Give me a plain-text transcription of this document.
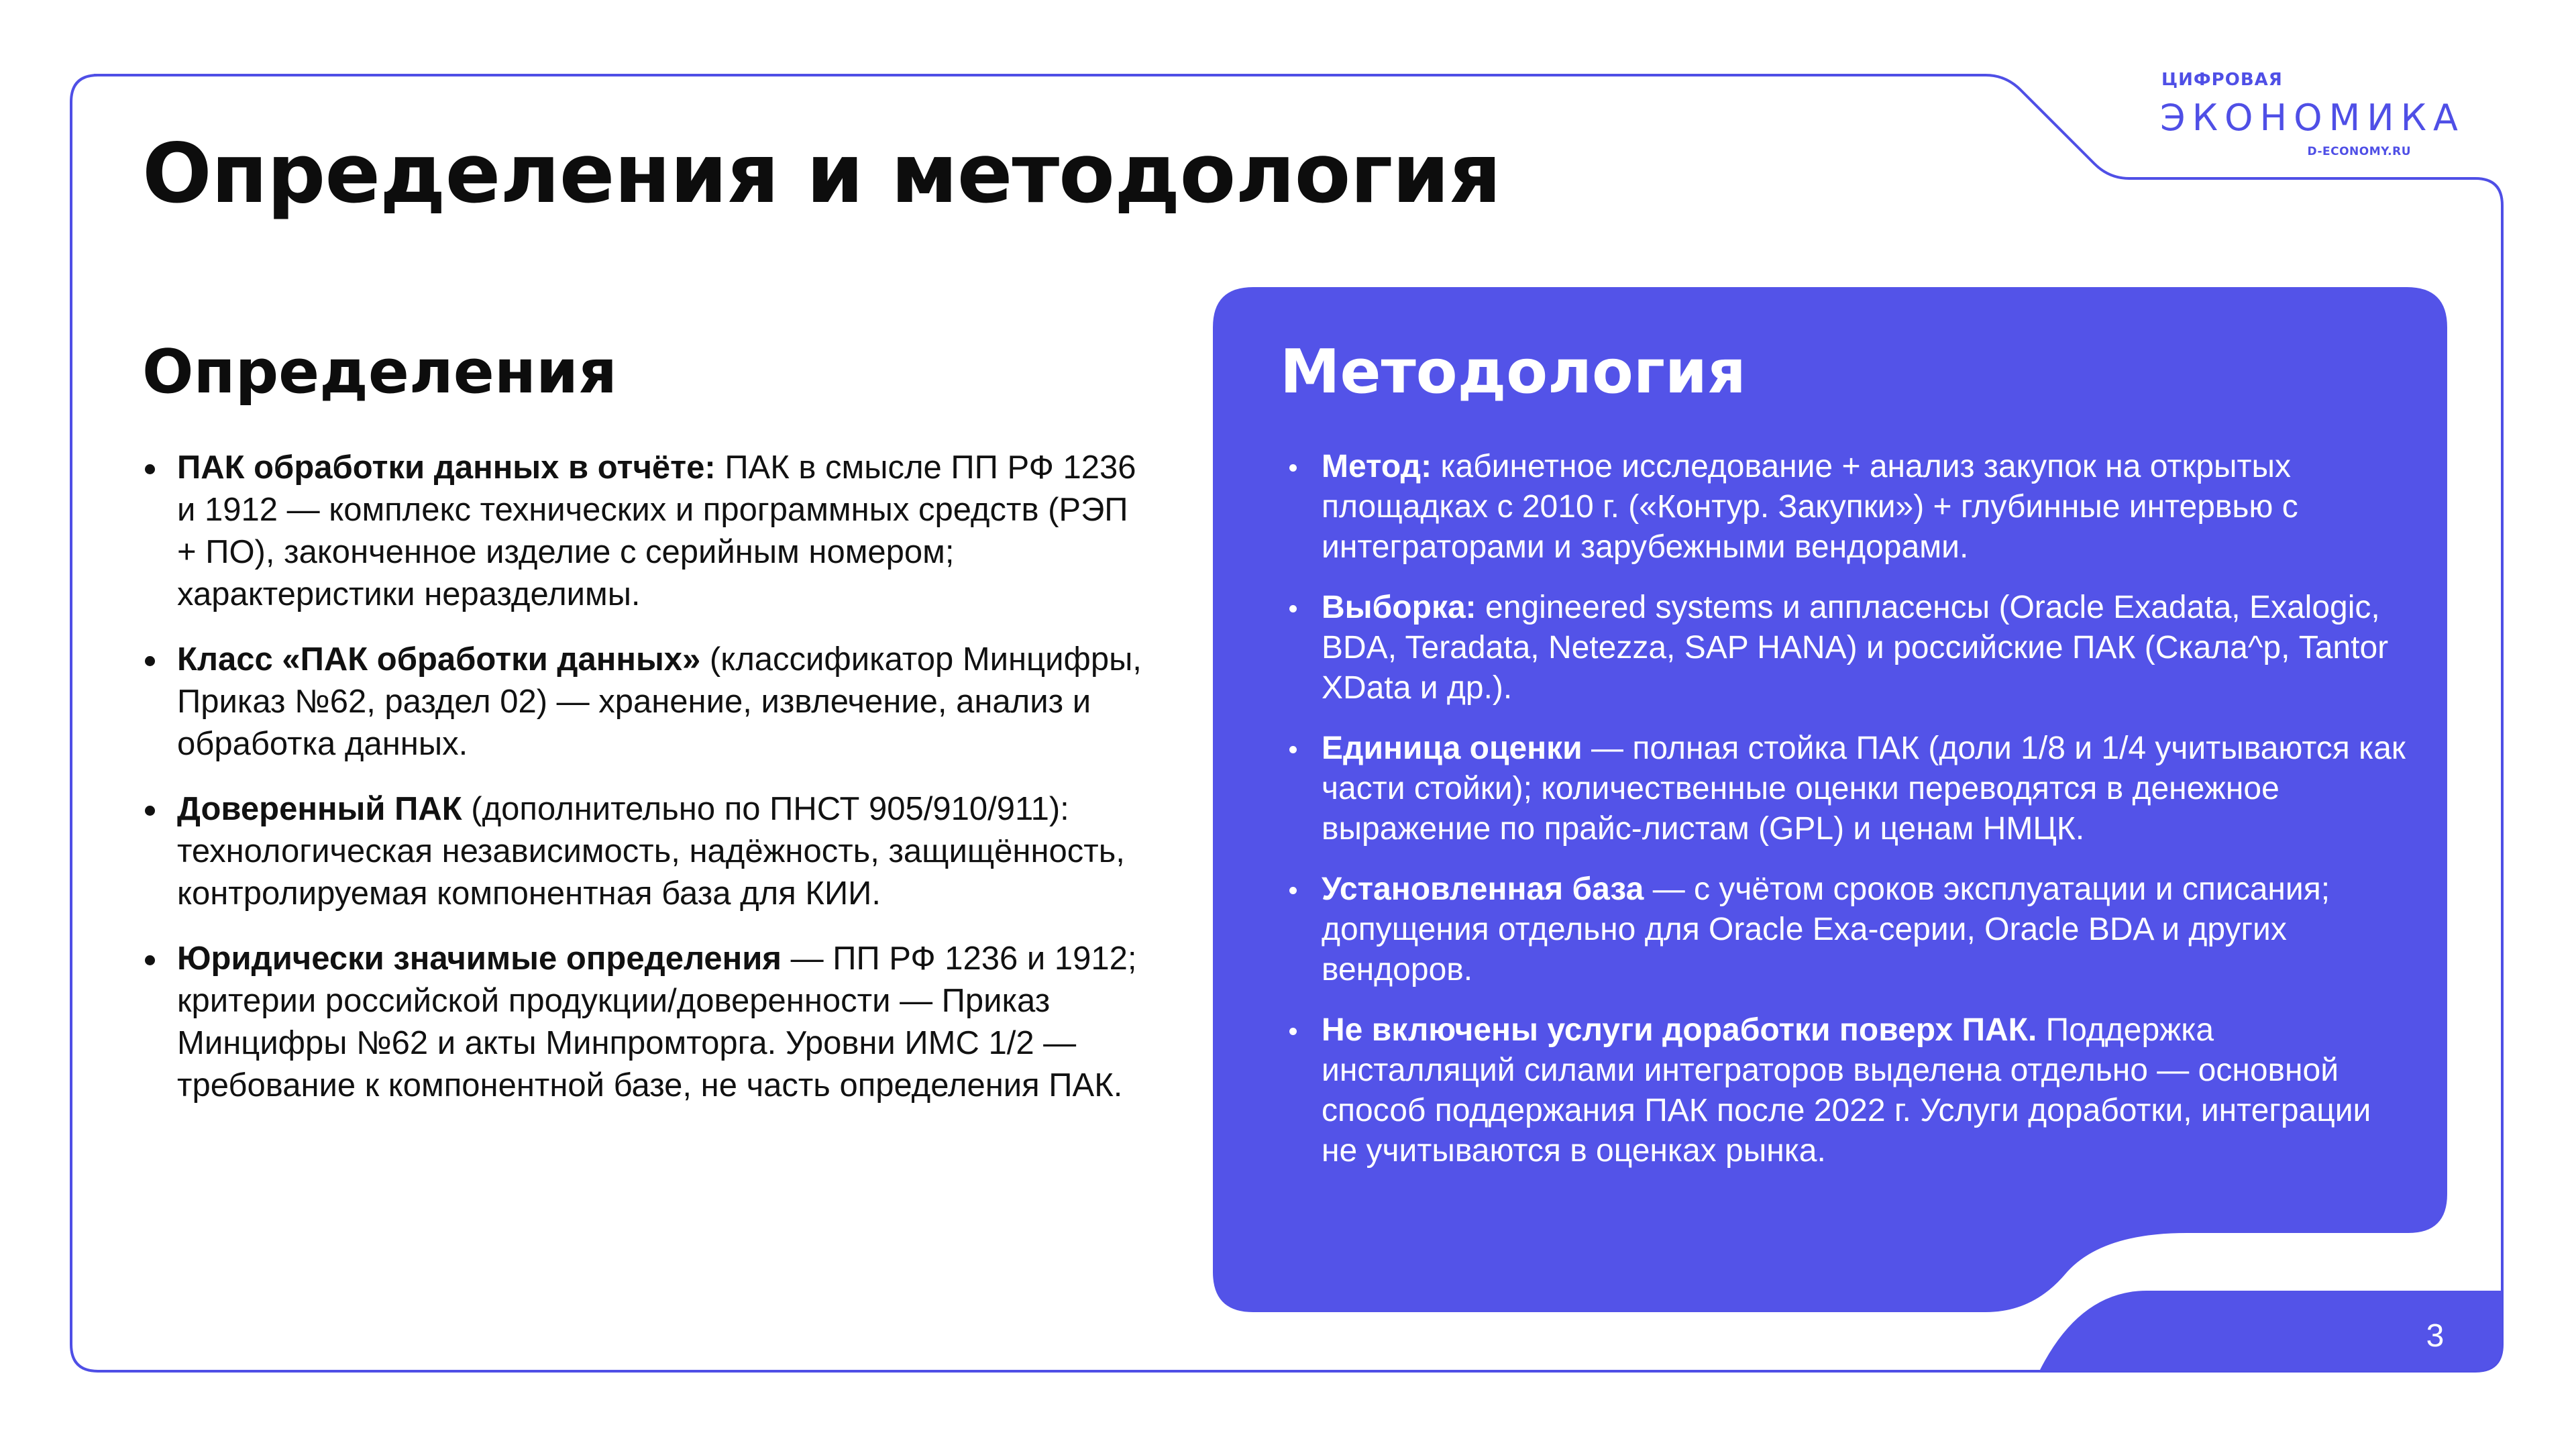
ЦИФРОВАЯ
ЭКОНОМИКА
D-ECONOMY.RU
Определения и методология
Определения
ПАК обработки данных в отчёте: ПАК в смысле ПП РФ 1236 и 1912 — комплекс технических и программных средств (РЭП + ПО), законченное изделие с серийным номером; характеристики неразделимы.
Класс «ПАК обработки данных» (классификатор Минцифры, Приказ №62, раздел 02) — хранение, извлечение, анализ и обработка данных.
Доверенный ПАК (дополнительно по ПНСТ 905/910/911): технологическая независимость, надёжность, защищённость, контролируемая компонентная база для КИИ.
Юридически значимые определения — ПП РФ 1236 и 1912; критерии российской продукции/доверенности — Приказ Минцифры №62 и акты Минпромторга. Уровни ИМС 1/2 — требование к компонентной базе, не часть определения ПАК.
Методология
Метод: кабинетное исследование + анализ закупок на открытых площадках с 2010 г. («Контур. Закупки») + глубинные интервью с интеграторами и зарубежными вендорами.
Выборка: engineered systems и аппласенсы (Oracle Exadata, Exalogic, BDA, Teradata, Netezza, SAP HANA) и российские ПАК (Скала^р, Tantor XData и др.).
Единица оценки — полная стойка ПАК (доли 1/8 и 1/4 учитываются как части стойки); количественные оценки переводятся в денежное выражение по прайс-листам (GPL) и ценам НМЦК.
Установленная база — с учётом сроков эксплуатации и списания; допущения отдельно для Oracle Exa-серии, Oracle BDA и других вендоров.
Не включены услуги доработки поверх ПАК. Поддержка инсталляций силами интеграторов выделена отдельно — основной способ поддержания ПАК после 2022 г. Услуги доработки, интеграции не учитываются в оценках рынка.
3
